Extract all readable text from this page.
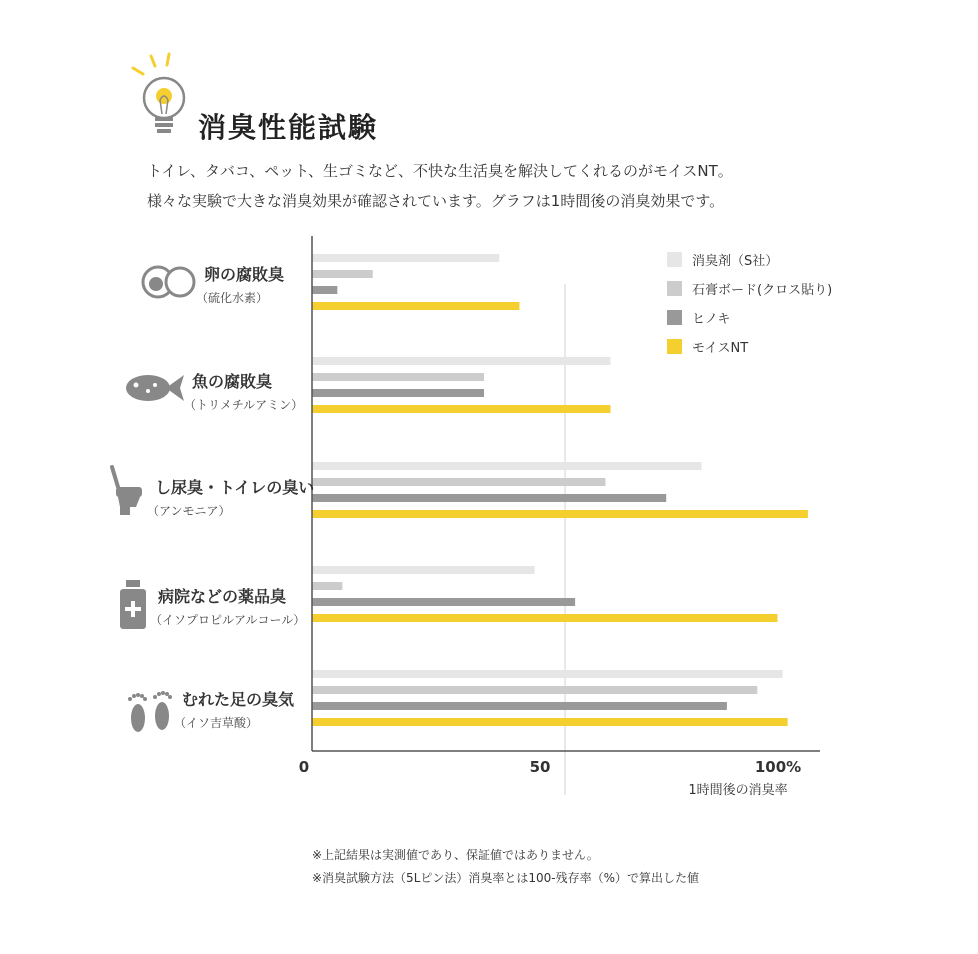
消臭性能試験
トイレ、タバコ、ペット、生ゴミなど、不快な生活臭を解決してくれるのがモイスNT。
様々な実験で大きな消臭効果が確認されています。グラフは1時間後の消臭効果です。
0	50	100%
1時間後の消臭率
卵の腐敗臭
（硫化水素）
魚の腐敗臭
（トリメチルアミン）
し尿臭・トイレの臭い
（アンモニア）
病院などの薬品臭
（イソプロピルアルコール）
むれた足の臭気
（イソ吉草酸）
消臭剤（S社）
石膏ボード(クロス貼り)
ヒノキ
モイスNT
※上記結果は実測値であり、保証値ではありません。
※消臭試験方法（5Lピン法）消臭率とは100-残存率（%）で算出した値
